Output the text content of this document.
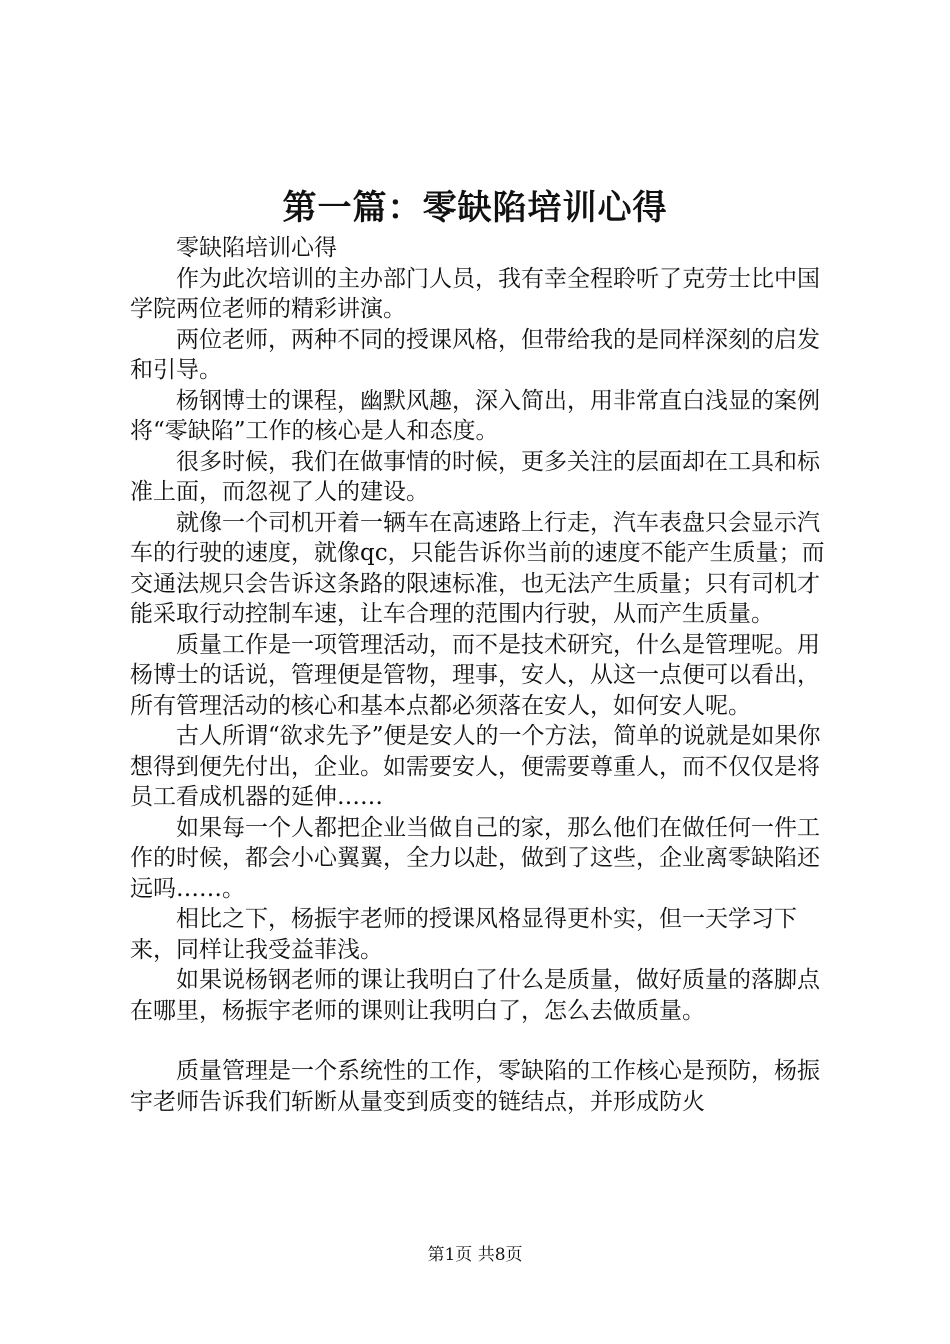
第一篇：零缺陷培训心得

零缺陷培训心得

作为此次培训的主办部门人员，我有幸全程聆听了克劳士比中国学院两位老师的精彩讲演。

两位老师，两种不同的授课风格，但带给我的是同样深刻的启发和引导。

杨钢博士的课程，幽默风趣，深入简出，用非常直白浅显的案例将“零缺陷”工作的核心是人和态度。

很多时候，我们在做事情的时候，更多关注的层面却在工具和标准上面，而忽视了人的建设。

就像一个司机开着一辆车在高速路上行走，汽车表盘只会显示汽车的行驶的速度，就像qc，只能告诉你当前的速度不能产生质量；而交通法规只会告诉这条路的限速标准，也无法产生质量；只有司机才能采取行动控制车速，让车合理的范围内行驶，从而产生质量。

质量工作是一项管理活动，而不是技术研究，什么是管理呢。用杨博士的话说，管理便是管物，理事，安人，从这一点便可以看出，所有管理活动的核心和基本点都必须落在安人，如何安人呢。

古人所谓“欲求先予”便是安人的一个方法，简单的说就是如果你想得到便先付出，企业。如需要安人，便需要尊重人，而不仅仅是将员工看成机器的延伸……

如果每一个人都把企业当做自己的家，那么他们在做任何一件工作的时候，都会小心翼翼，全力以赴，做到了这些，企业离零缺陷还远吗……。

相比之下，杨振宇老师的授课风格显得更朴实，但一天学习下来，同样让我受益菲浅。

如果说杨钢老师的课让我明白了什么是质量，做好质量的落脚点在哪里，杨振宇老师的课则让我明白了，怎么去做质量。

质量管理是一个系统性的工作，零缺陷的工作核心是预防，杨振宇老师告诉我们斩断从量变到质变的链结点，并形成防火

第1页 共8页
